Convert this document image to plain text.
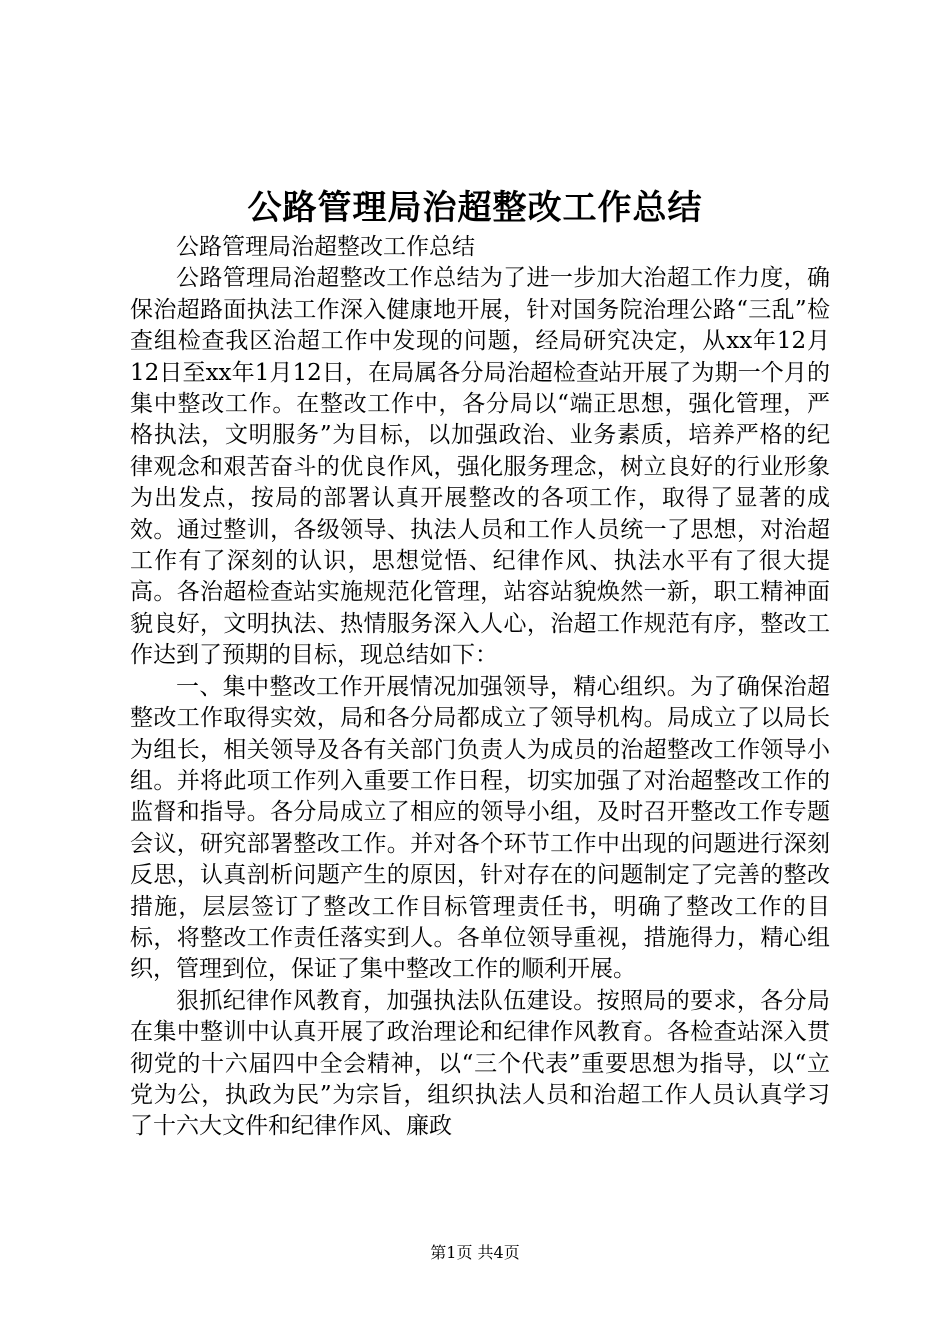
公路管理局治超整改工作总结

公路管理局治超整改工作总结

公路管理局治超整改工作总结为了进一步加大治超工作力度，确保治超路面执法工作深入健康地开展，针对国务院治理公路“三乱”检查组检查我区治超工作中发现的问题，经局研究决定，从xx年12月12日至xx年1月12日，在局属各分局治超检查站开展了为期一个月的集中整改工作。在整改工作中，各分局以“端正思想，强化管理，严格执法，文明服务”为目标，以加强政治、业务素质，培养严格的纪律观念和艰苦奋斗的优良作风，强化服务理念，树立良好的行业形象为出发点，按局的部署认真开展整改的各项工作，取得了显著的成效。通过整训，各级领导、执法人员和工作人员统一了思想，对治超工作有了深刻的认识，思想觉悟、纪律作风、执法水平有了很大提高。各治超检查站实施规范化管理，站容站貌焕然一新，职工精神面貌良好，文明执法、热情服务深入人心，治超工作规范有序，整改工作达到了预期的目标，现总结如下：

一、集中整改工作开展情况加强领导，精心组织。为了确保治超整改工作取得实效，局和各分局都成立了领导机构。局成立了以局长为组长，相关领导及各有关部门负责人为成员的治超整改工作领导小组。并将此项工作列入重要工作日程，切实加强了对治超整改工作的监督和指导。各分局成立了相应的领导小组，及时召开整改工作专题会议，研究部署整改工作。并对各个环节工作中出现的问题进行深刻反思，认真剖析问题产生的原因，针对存在的问题制定了完善的整改措施，层层签订了整改工作目标管理责任书，明确了整改工作的目标，将整改工作责任落实到人。各单位领导重视，措施得力，精心组织，管理到位，保证了集中整改工作的顺利开展。

狠抓纪律作风教育，加强执法队伍建设。按照局的要求，各分局在集中整训中认真开展了政治理论和纪律作风教育。各检查站深入贯彻党的十六届四中全会精神，以“三个代表”重要思想为指导，以“立党为公，执政为民”为宗旨，组织执法人员和治超工作人员认真学习了十六大文件和纪律作风、廉政

第1页 共4页
